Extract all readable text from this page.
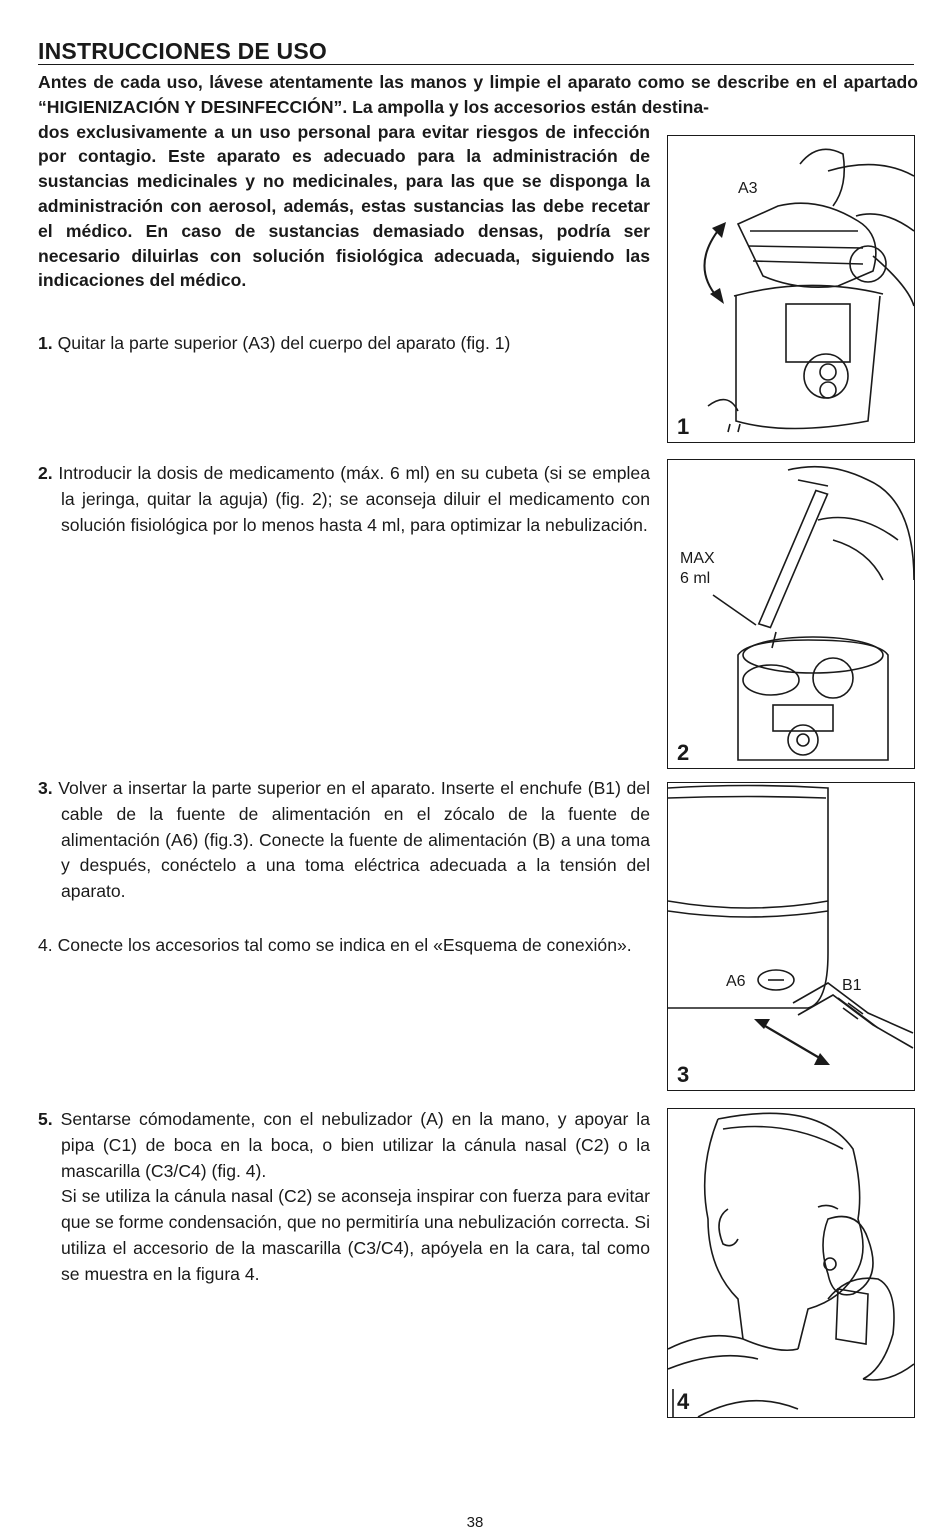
INSTRUCCIONES DE USO

Antes de cada uso, lávese atentamente las manos y limpie el aparato como se describe en el apartado “HIGIENIZACIÓN Y DESINFECCIÓN”. La ampolla y los accesorios están destina-

dos exclusivamente a un uso personal para evitar riesgos de infección por contagio. Este aparato es adecuado para la administración de sustancias medicinales y no medicinales, para las que se disponga la administración con aerosol, además, estas sustancias las debe recetar el médico. En caso de sustancias demasiado densas, podría ser necesario diluirlas con solución fisiológica adecuada, siguiendo las indicaciones del médico.

1. Quitar la parte superior (A3) del cuerpo del aparato (fig. 1)
2. Introducir la dosis de medicamento (máx. 6 ml) en su cubeta (si se emplea la jeringa, quitar la aguja) (fig. 2); se aconseja diluir el medicamento con solución fisiológica por lo menos hasta 4 ml, para optimizar la nebulización.
3. Volver a insertar la parte superior en el aparato. Inserte el enchufe (B1) del cable de la fuente de alimentación en el zócalo de la fuente de alimentación (A6) (fig.3). Conecte la fuente de alimentación (B) a una toma y después, conéctelo a una toma eléctrica adecuada a la tensión del aparato.
4. Conecte los accesorios tal como se indica en el «Esquema de conexión».
5. Sentarse cómodamente, con el nebulizador (A) en la mano, y apoyar la pipa (C1) de boca en la boca, o bien utilizar la cánula nasal (C2) o la mascarilla (C3/C4) (fig. 4).
Si se utiliza la cánula nasal (C2) se aconseja inspirar con fuerza para evitar que se forme condensación, que no permitiría una nebulización correcta. Si utiliza el accesorio de la mascarilla (C3/C4), apóyela en la cara, tal como se muestra en la figura 4.
A3
1
MAX
6 ml
2
A6	B1
3
4
38
